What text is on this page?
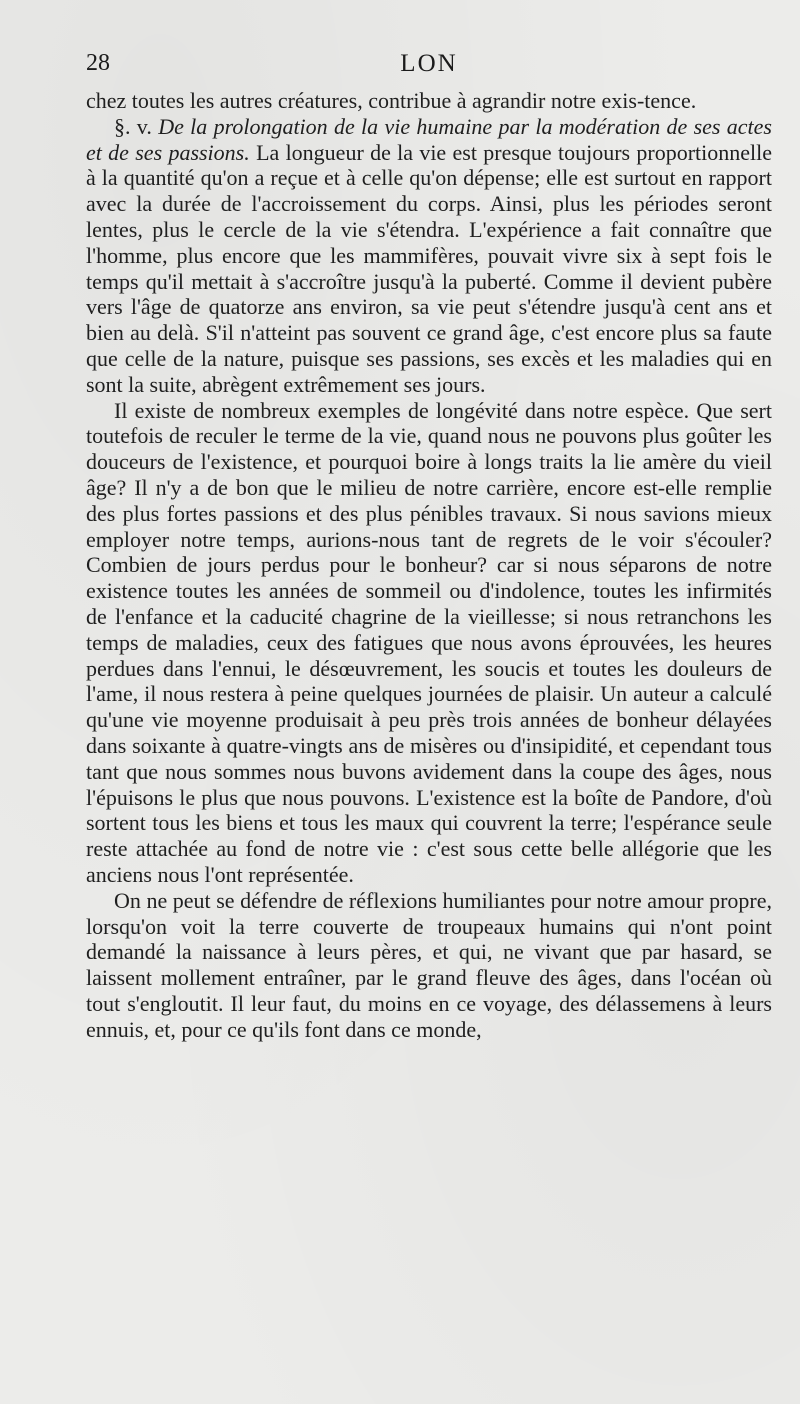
28	LON

chez toutes les autres créatures, contribue à agrandir notre exis-tence.

§. v. De la prolongation de la vie humaine par la modération de ses actes et de ses passions. La longueur de la vie est presque toujours proportionnelle à la quantité qu'on a reçue et à celle qu'on dépense; elle est surtout en rapport avec la durée de l'accroissement du corps. Ainsi, plus les périodes seront lentes, plus le cercle de la vie s'étendra. L'expérience a fait connaître que l'homme, plus encore que les mammifères, pouvait vivre six à sept fois le temps qu'il mettait à s'accroître jusqu'à la puberté. Comme il devient pubère vers l'âge de quatorze ans environ, sa vie peut s'étendre jusqu'à cent ans et bien au delà. S'il n'atteint pas souvent ce grand âge, c'est encore plus sa faute que celle de la nature, puisque ses passions, ses excès et les maladies qui en sont la suite, abrègent extrêmement ses jours.

Il existe de nombreux exemples de longévité dans notre espèce. Que sert toutefois de reculer le terme de la vie, quand nous ne pouvons plus goûter les douceurs de l'existence, et pourquoi boire à longs traits la lie amère du vieil âge? Il n'y a de bon que le milieu de notre carrière, encore est-elle remplie des plus fortes passions et des plus pénibles travaux. Si nous savions mieux employer notre temps, aurions-nous tant de regrets de le voir s'écouler? Combien de jours perdus pour le bonheur? car si nous séparons de notre existence toutes les années de sommeil ou d'indolence, toutes les infirmités de l'enfance et la caducité chagrine de la vieillesse; si nous retranchons les temps de maladies, ceux des fatigues que nous avons éprouvées, les heures perdues dans l'ennui, le désœuvrement, les soucis et toutes les douleurs de l'ame, il nous restera à peine quelques journées de plaisir. Un auteur a calculé qu'une vie moyenne produisait à peu près trois années de bonheur délayées dans soixante à quatre-vingts ans de misères ou d'insipidité, et cependant tous tant que nous sommes nous buvons avidement dans la coupe des âges, nous l'épuisons le plus que nous pouvons. L'existence est la boîte de Pandore, d'où sortent tous les biens et tous les maux qui couvrent la terre; l'espérance seule reste attachée au fond de notre vie : c'est sous cette belle allégorie que les anciens nous l'ont représentée.

On ne peut se défendre de réflexions humiliantes pour notre amour propre, lorsqu'on voit la terre couverte de troupeaux humains qui n'ont point demandé la naissance à leurs pères, et qui, ne vivant que par hasard, se laissent mollement entraîner, par le grand fleuve des âges, dans l'océan où tout s'engloutit. Il leur faut, du moins en ce voyage, des délassemens à leurs ennuis, et, pour ce qu'ils font dans ce monde,
